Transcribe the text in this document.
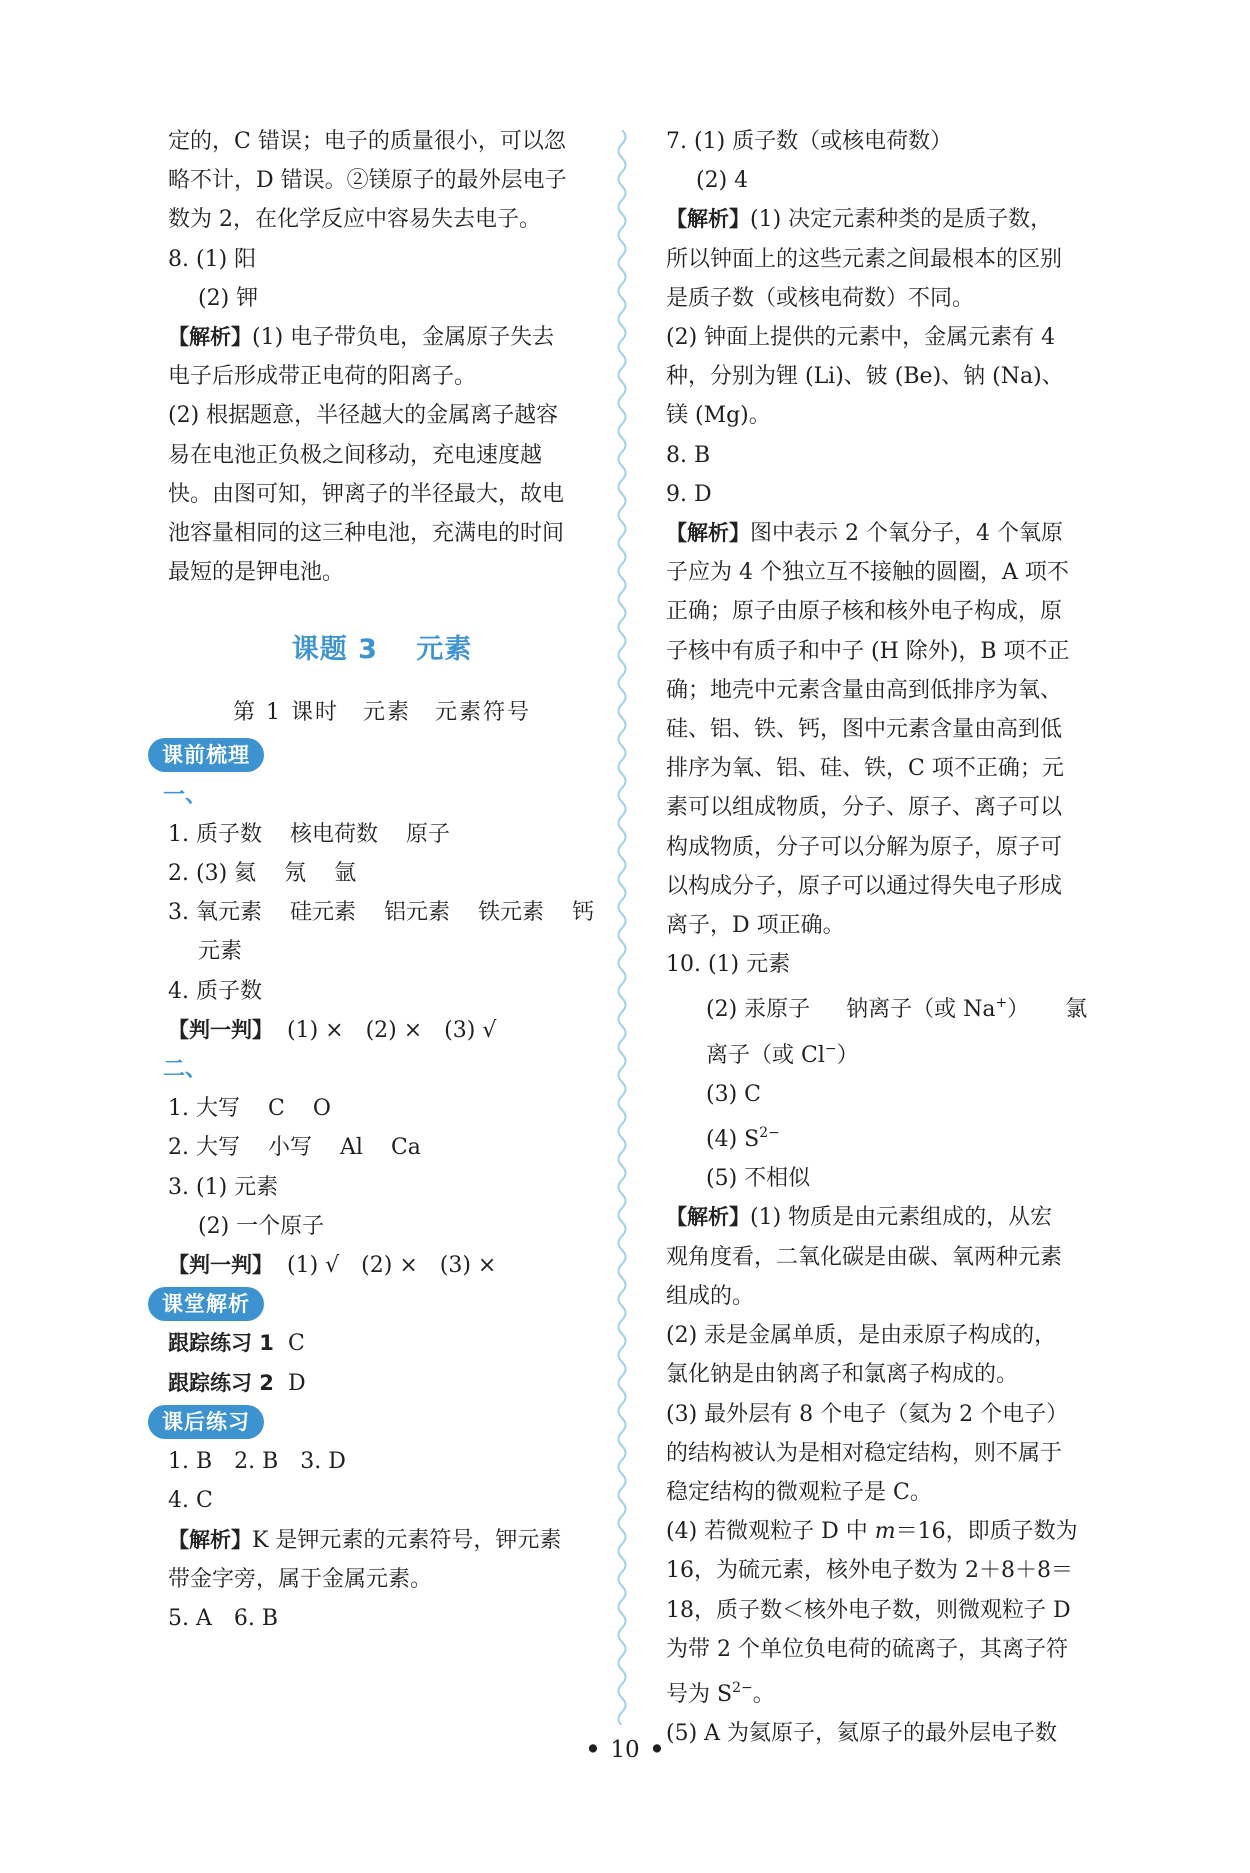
定的，C 错误；电子的质量很小，可以忽

略不计，D 错误。②镁原子的最外层电子

数为 2，在化学反应中容易失去电子。

8. (1) 阳

(2) 钾

【解析】(1) 电子带负电，金属原子失去

电子后形成带正电荷的阳离子。

(2) 根据题意，半径越大的金属离子越容

易在电池正负极之间移动，充电速度越

快。由图可知，钾离子的半径最大，故电

池容量相同的这三种电池，充满电的时间

最短的是钾电池。

课题 3　 元素

第 1 课时　元素　元素符号

课前梳理

一、

1. 质子数 核电荷数 原子

2. (3) 氦 氖 氩

3. 氧元素 硅元素 铝元素 铁元素 钙

元素

4. 质子数

【判一判】 (1) ×　(2) ×　(3) √

二、

1. 大写 C O

2. 大写 小写 Al Ca

3. (1) 元素

(2) 一个原子

【判一判】 (1) √　(2) ×　(3) ×

课堂解析

跟踪练习 1 C

跟踪练习 2 D

课后练习

1. B　2. B　3. D

4. C

【解析】K 是钾元素的元素符号，钾元素

带金字旁，属于金属元素。

5. A　6. B

7. (1) 质子数（或核电荷数）

(2) 4

【解析】(1) 决定元素种类的是质子数，

所以钟面上的这些元素之间最根本的区别

是质子数（或核电荷数）不同。

(2) 钟面上提供的元素中，金属元素有 4

种，分别为锂 (Li)、铍 (Be)、钠 (Na)、

镁 (Mg)。

8. B

9. D

【解析】图中表示 2 个氧分子，4 个氧原

子应为 4 个独立互不接触的圆圈，A 项不

正确；原子由原子核和核外电子构成，原

子核中有质子和中子 (H 除外)，B 项不正

确；地壳中元素含量由高到低排序为氧、

硅、铝、铁、钙，图中元素含量由高到低

排序为氧、铝、硅、铁，C 项不正确；元

素可以组成物质，分子、原子、离子可以

构成物质，分子可以分解为原子，原子可

以构成分子，原子可以通过得失电子形成

离子，D 项正确。

10. (1) 元素

(2) 汞原子 钠离子（或 Na+） 氯

离子（或 Cl−）

(3) C

(4) $S^{2-}$

(5) 不相似

【解析】(1) 物质是由元素组成的，从宏

观角度看，二氧化碳是由碳、氧两种元素

组成的。

(2) 汞是金属单质，是由汞原子构成的，

氯化钠是由钠离子和氯离子构成的。

(3) 最外层有 8 个电子（氦为 2 个电子）

的结构被认为是相对稳定结构，则不属于

稳定结构的微观粒子是 C。

(4) 若微观粒子 D 中 m＝16，即质子数为

16，为硫元素，核外电子数为 2＋8＋8＝

18，质子数＜核外电子数，则微观粒子 D

为带 2 个单位负电荷的硫离子，其离子符

号为 $S^{2-}$。

(5) A 为氦原子，氦原子的最外层电子数

• 10 •
